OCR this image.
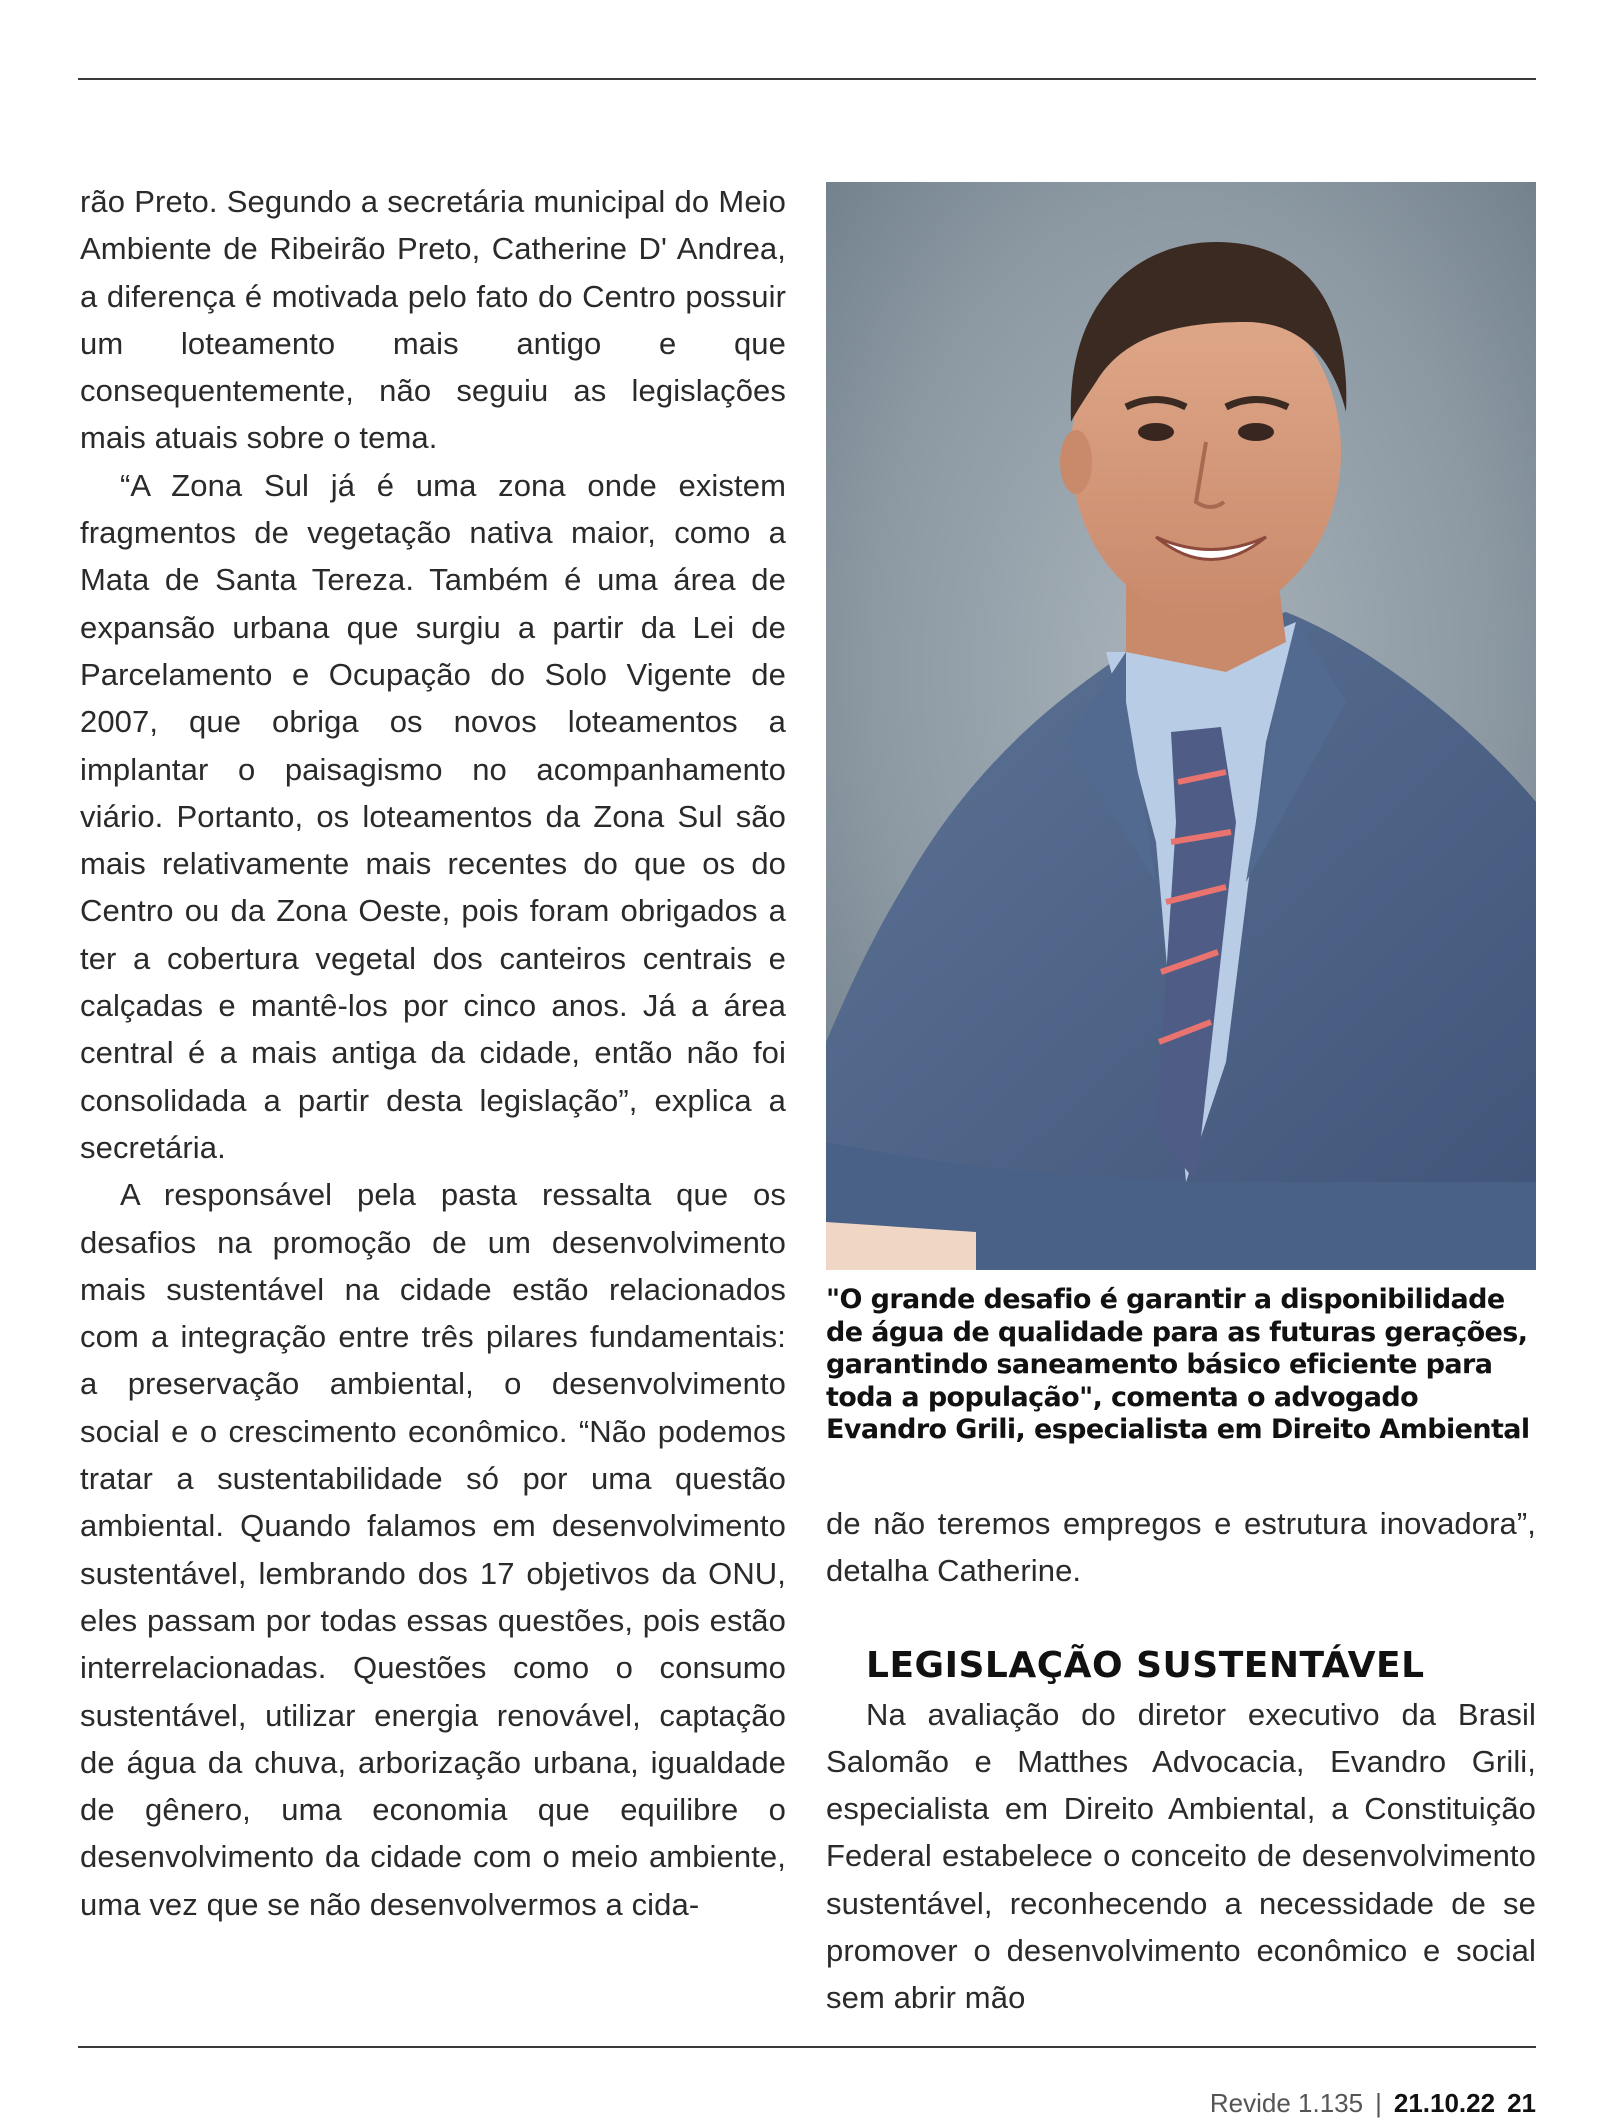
rão Preto. Segundo a secretária municipal do Meio Ambiente de Ribeirão Preto, Catherine D' Andrea, a diferença é motivada pelo fato do Centro possuir um loteamento mais antigo e que consequentemente, não seguiu as legislações mais atuais sobre o tema.

“A Zona Sul já é uma zona onde existem fragmentos de vegetação nativa maior, como a Mata de Santa Tereza. Também é uma área de expansão urbana que surgiu a partir da Lei de Parcelamento e Ocupação do Solo Vigente de 2007, que obriga os novos loteamentos a implantar o paisagismo no acompanhamento viário. Portanto, os loteamentos da Zona Sul são mais relativamente mais recentes do que os do Centro ou da Zona Oeste, pois foram obrigados a ter a cobertura vegetal dos canteiros centrais e calçadas e mantê-los por cinco anos. Já a área central é a mais antiga da cidade, então não foi consolidada a partir desta legislação”, explica a secretária.

A responsável pela pasta ressalta que os desafios na promoção de um desenvolvimento mais sustentável na cidade estão relacionados com a integração entre três pilares fundamentais: a preservação ambiental, o desenvolvimento social e o crescimento econômico. “Não podemos tratar a sustentabilidade só por uma questão ambiental. Quando falamos em desenvolvimento sustentável, lembrando dos 17 objetivos da ONU, eles passam por todas essas questões, pois estão interrelacionadas. Questões como o consumo sustentável, utilizar energia renovável, captação de água da chuva, arborização urbana, igualdade de gênero, uma economia que equilibre o desenvolvimento da cidade com o meio ambiente, uma vez que se não desenvolvermos a cida-

"O grande desafio é garantir a disponibilidade de água de qualidade para as futuras gerações, garantindo saneamento básico eficiente para toda a população", comenta o advogado Evandro Grili, especialista em Direito Ambiental

de não teremos empregos e estrutura inovadora”, detalha Catherine.

LEGISLAÇÃO SUSTENTÁVEL

Na avaliação do diretor executivo da Brasil Salomão e Matthes Advocacia, Evandro Grili, especialista em Direito Ambiental, a Constituição Federal estabelece o conceito de desenvolvimento sustentável, reconhecendo a necessidade de se promover o desenvolvimento econômico e social sem abrir mão

Revide 1.135 | 21.10.22 21
